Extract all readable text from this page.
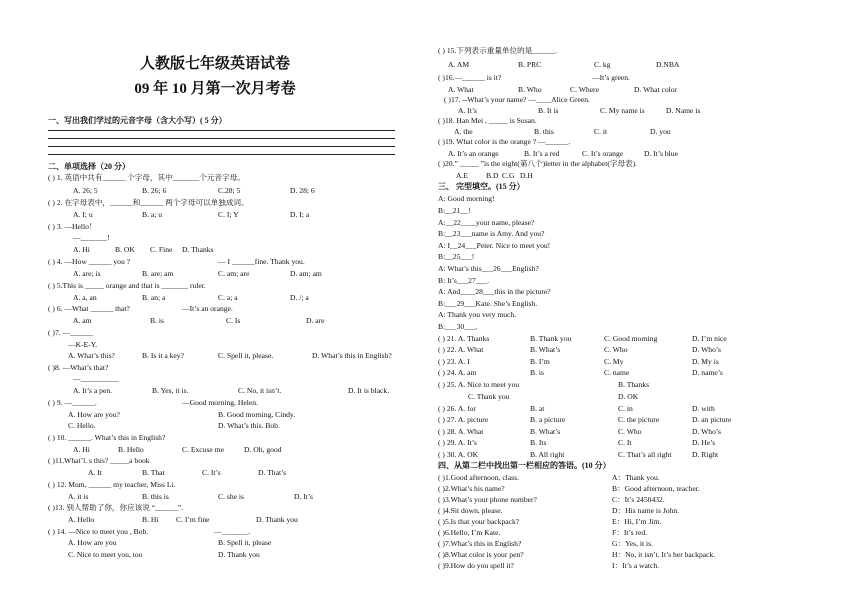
人教版七年级英语试卷
09 年 10 月第一次月考卷
一、写出我们学过的元音字母（含大小写）( 5 分）
二、单项选择（20 分）
( ) 1. 英语中共有______ 个字母，其中_______个元音字母。
A. 26; 5	B. 26; 6	C.28; 5	D. 28; 6
( ) 2. 在字母表中，______和______ 两个字母可以单独成词。
A. I; u	B. a; u	C. I; Y	D. I; a
( ) 3. —Hello！
—_______!
A. Hi	B. OK C. Fine D. Thanks
( ) 4. —How ______ you ?	— I ______fine. Thank you.
A. are; is	B. are; am	C. am; are	D. am; am
( ) 5.This is _____ orange and that is _______ ruler.
A. a, an	B. an; a	C. a; a	D. /; a
( ) 6. —What ______ that?	—It’s an orange.
A. am	B. is	C. Is	D. are
( )7. —______
—K-E-Y.
A. What’s this?	B. Is it a key?	C. Spell it, please.	D. What’s this in English?
( )8. —What’s that?
—__________
A. It’s a pen.	B. Yes, it is.	C. No, it isn’t.	D. It is black.
( ) 9. —______.	—Good morning, Helen.
A. How are you?	B. Good morning, Cindy.
C. Hello.	D. What’s this. Bob.
( ) 10. ______. What’s this in English?
A. Hi	B. Hello	C. Excuse me	D. Oh, good
( )11.What’l. s this? _____a book
A. It	B. That	C. It’s	D. That’s
( ) 12. Mum, ______ my teacher, Miss Li.
A. it is	B. this is	C. she is	D. It’s
( )13. 别人帮助了你，你应该说 “______”.
A. Hello	B. Hi C. I’m fine	D. Thank you
( ) 14. —Nice to meet you , Bob.	—_______.
A. How are you	B. Spell it, please
C. Nice to meet you, too	D. Thank you
( ) 15.下列表示重量单位的是______.
A. AM	B. PRC	C. kg	D.NBA
( )16.—______ is it?	—It’s green.
A. What	B. Who	C. Where	D. What color
( )17. --What’s your name? —____Alice Green.
A. It’s	B. It is	C. My name is	D. Name is
( )18. Han Mei , _____ is Susan.
A. the	B. this	C. it	D. you
( )19. What color is the orange ? —______.
A. It’s an orange	B. It’s a red	C. It’s orange	D. It’s blue
( )20.” _____ ”is the eight(第八个)letter in the alphabet(字母表).
A.E B.D C.G D.H
三、 完型填空。(15 分）
A: Good morning!
B:__21__!
A:__22____your name, please?
B:__23___name is Amy. And you?
A: I__24___Peter. Nice to meet you!
B:__25___!
A: What’s this___26___English?
B: It’s___27___.
A: And____28___this in the picture?
B:___29___Kate. She’s English.
A: Thank you very much.
B:___30___.
( ) 21. A. Thanks	B. Thank you	C. Good morning	D. I’m nice
( ) 22. A. What	B. What’s	C. Who	D. Who’s
( ) 23. A. I	B. I’m	C. My	D. My is
( ) 24. A. am	B. is	C. name	D. name’s
( ) 25. A. Nice to meet you	B. Thanks
C. Thank you	D. OK
( ) 26. A. for	B. at	C. in	D. with
( ) 27. A. picture	B. a picture	C. the picture	D. an picture
( ) 28. A. What	B. What’s	C. Who	D. Who’s
( ) 29. A. It’s	B. Its	C. It	D. He’s
( ) 30. A. OK	B. All right	C. That’s all right	D. Right
四、从第二栏中找出第一栏相应的答语。(10 分）
( )1.Good afternoon, class.	A：Thank you.
( )2.What’s his name?	B：Good afternoon, teacher.
( )3.What’s your phone number?	C：It’s 2450432.
( )4.Sit down, please.	D：His name is John.
( )5.Is that your backpack?	E：Hi, I’m Jim.
( )6.Hello, I’m Kate.	F：It’s red.
( )7.What’s this in English?	G：Yes, it is.
( )8.What color is your pen?	H：No, it isn’t. It’s her backpack.
( )9.How do you spell it?	I：It’s a watch.
